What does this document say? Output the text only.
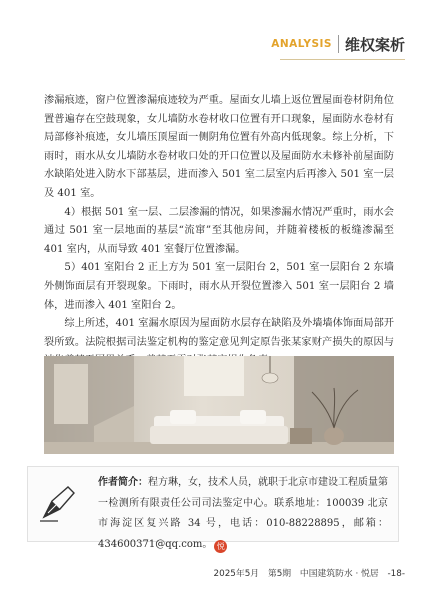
ANALYSIS 维权案析

渗漏痕迹，窗户位置渗漏痕迹较为严重。屋面女儿墙上返位置屋面卷材阴角位置普遍存在空鼓现象，女儿墙防水卷材收口位置有开口现象，屋面防水卷材有局部修补痕迹，女儿墙压顶屋面一侧阴角位置有外高内低现象。综上分析，下雨时，雨水从女儿墙防水卷材收口处的开口位置以及屋面防水未修补前屋面防水缺陷处进入防水下部基层，进而渗入 501 室二层室内后再渗入 501 室一层及 401 室。

4）根据 501 室一层、二层渗漏的情况，如果渗漏水情况严重时，雨水会通过 501 室一层地面的基层“流窜”至其他房间，并随着楼板的板缝渗漏至 401 室内，从而导致 401 室餐厅位置渗漏。

5）401 室阳台 2 正上方为 501 室一层阳台 2，501 室一层阳台 2 东墙外侧饰面层有开裂现象。下雨时，雨水从开裂位置渗入 501 室一层阳台 2 墙体，进而渗入 401 室阳台 2。

综上所述，401 室漏水原因为屋面防水层存在缺陷及外墙墙体饰面局部开裂所致。法院根据司法鉴定机构的鉴定意见判定原告张某家财产损失的原因与

作者简介：程方琳，女，技术人员，就职于北京市建设工程质量第一检测所有限责任公司司法鉴定中心。联系地址：100039 北京市海淀区复兴路 34 号，电话：010-88228895，邮箱：434600371@qq.com。 悦
2025年5月 第5期 中国建筑防水 · 悦居 -18-
